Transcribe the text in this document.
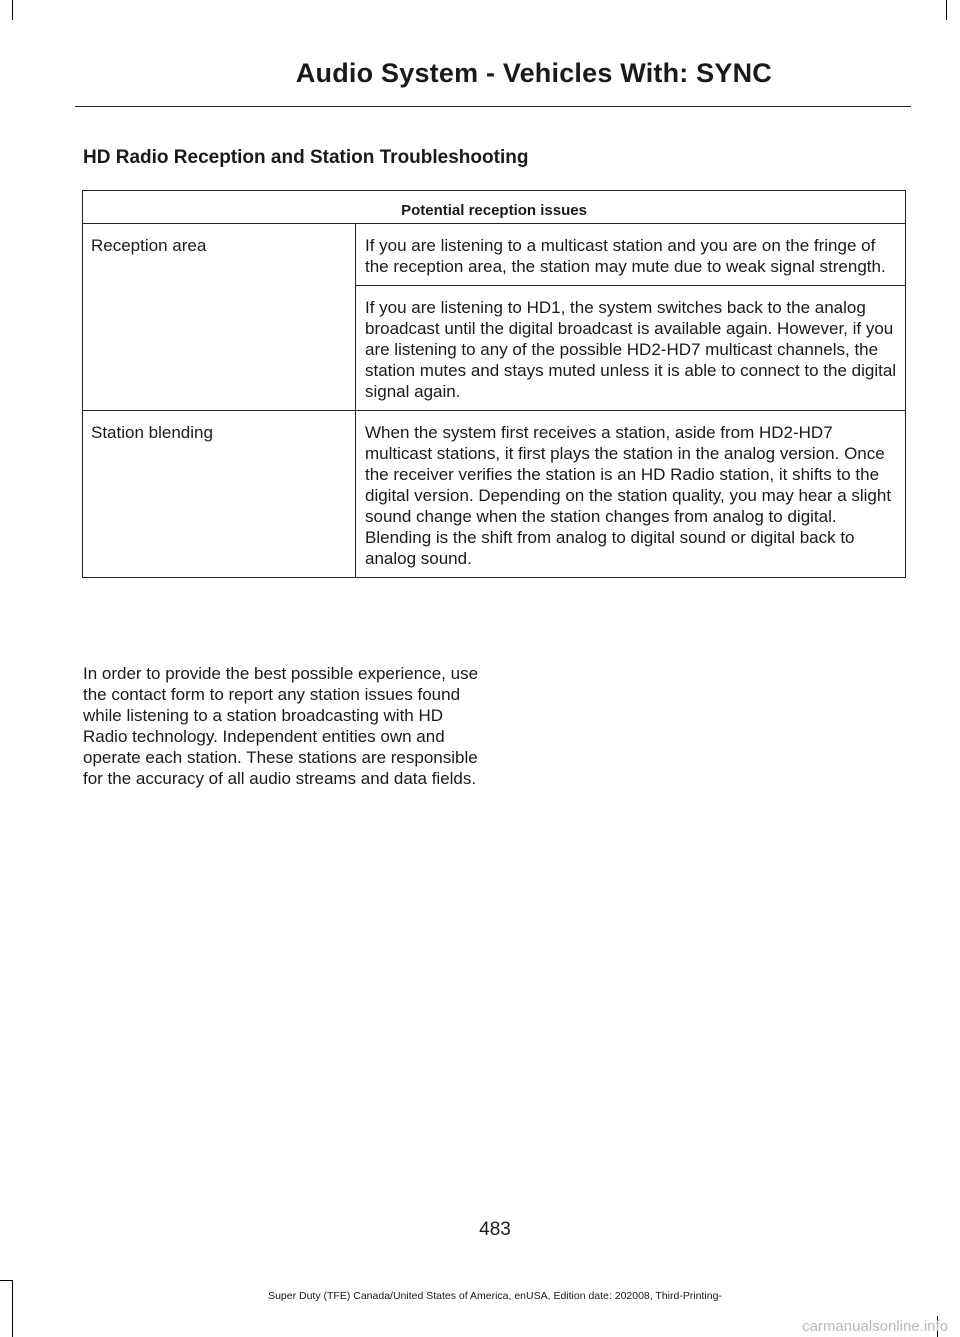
Audio System - Vehicles With: SYNC
HD Radio Reception and Station Troubleshooting
Potential reception issues	
Reception area	If you are listening to a multicast station and you are on the fringe of the reception area, the station may mute due to weak signal strength.
	If you are listening to HD1, the system switches back to the analog broadcast until the digital broadcast is available again. However, if you are listening to any of the possible HD2-HD7 multicast channels, the station mutes and stays muted unless it is able to connect to the digital signal again.
Station blending	When the system first receives a station, aside from HD2-HD7 multicast stations, it first plays the station in the analog version. Once the receiver verifies the station is an HD Radio station, it shifts to the digital version. Depending on the station quality, you may hear a slight sound change when the station changes from analog to digital. Blending is the shift from analog to digital sound or digital back to analog sound.
In order to provide the best possible experience, use the contact form to report any station issues found while listening to a station broadcasting with HD Radio technology. Independent entities own and operate each station. These stations are responsible for the accuracy of all audio streams and data fields.
483
Super Duty (TFE) Canada/United States of America, enUSA, Edition date: 202008, Third-Printing-
carmanualsonline.info
